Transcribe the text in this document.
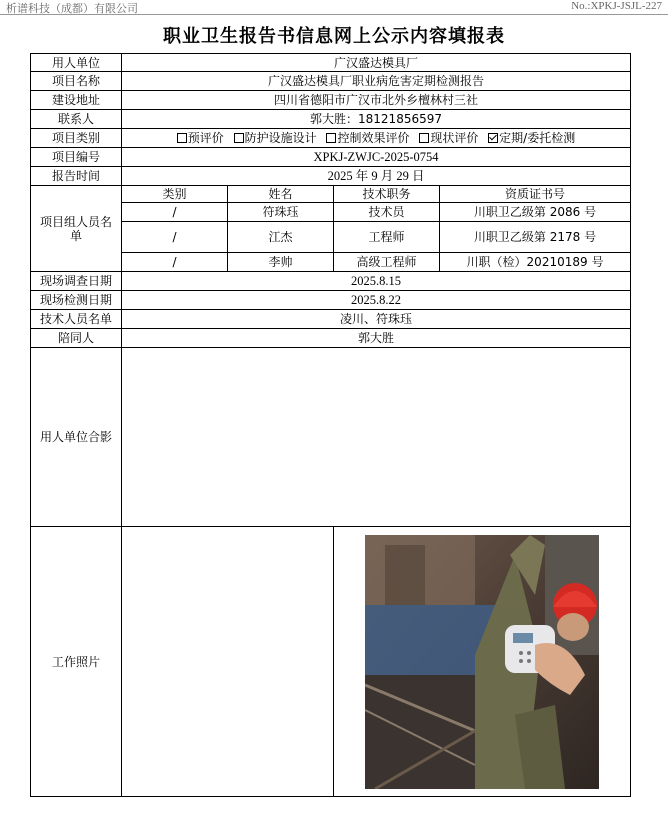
析谱科技（成都）有限公司	No.:XPKJ-JSJL-227
职业卫生报告书信息网上公示内容填报表
用人单位	广汉盛达模具厂			
项目名称	广汉盛达模具厂职业病危害定期检测报告			
建设地址	四川省德阳市广汉市北外乡檀林村三社			
联系人	郭大胜：18121856597			
项目类别	预评价 防护设施设计 控制效果评价 现状评价 定期/委托检测			
项目编号	XPKJ-ZWJC-2025-0754			
报告时间	2025 年 9 月 29 日			
项目组人员名单	类别	姓名	技术职务	资质证书号
	/	符珠珏	技术员	川职卫乙级第 2086 号
	/	江杰	工程师	川职卫乙级第 2178 号
	/	李帅	高级工程师	川职（检）20210189 号
现场调查日期	2025.8.15			
现场检测日期	2025.8.22			
技术人员名单	凌川、符珠珏			
陪同人	郭大胜			
用人单位合影				
工作照片		
